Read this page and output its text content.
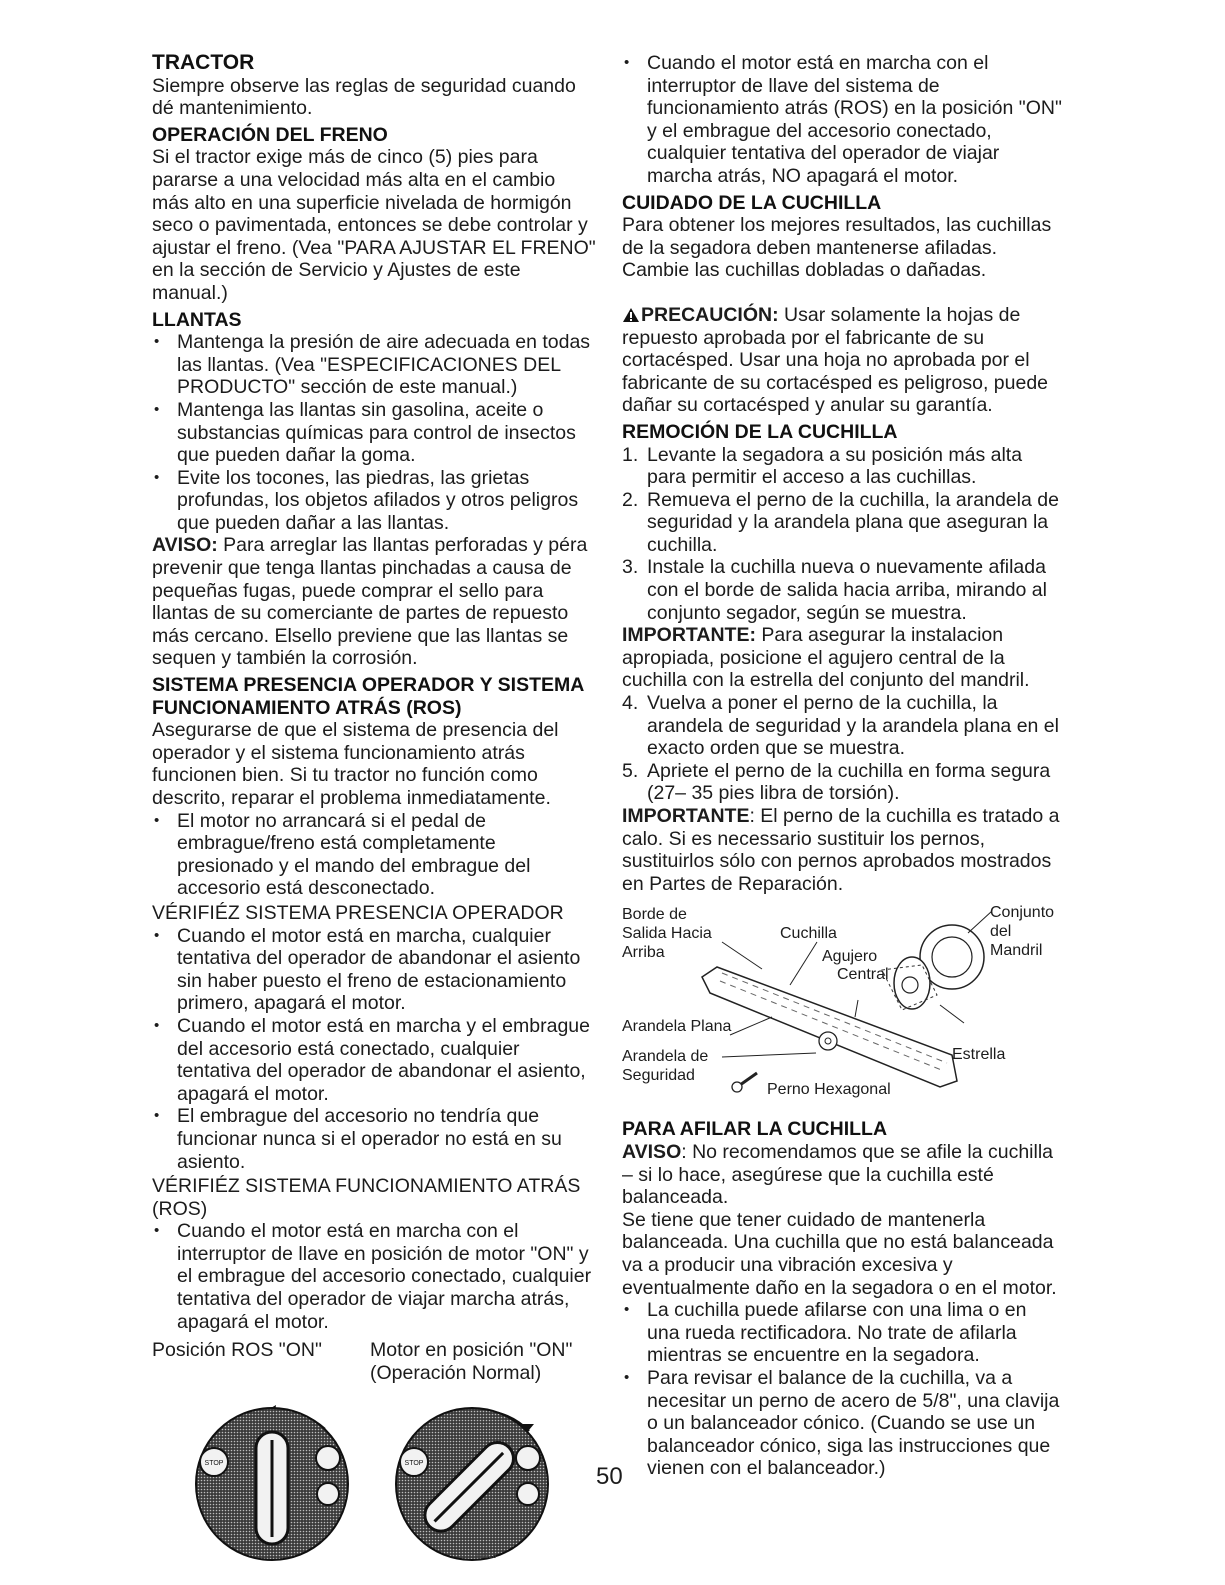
TRACTOR

Siempre observe las reglas de seguridad cuando dé mantenimiento.

OPERACIÓN DEL FRENO

Si el tractor exige más de cinco (5) pies para pararse a una velocidad más alta en el cambio más alto en una superficie nivelada de hormigón seco o pavimentada, entonces se debe controlar y ajustar el freno. (Vea "PARA AJUSTAR EL FRENO" en la sección de Servicio y Ajustes de este manual.)

LLANTAS

• Mantenga la presión de aire adecuada en todas las llantas. (Vea "ESPECIFICACIONES DEL PRODUCTO" sección de este manual.)

• Mantenga las llantas sin gasolina, aceite o substancias químicas para control de insectos que pueden dañar la goma.

• Evite los tocones, las piedras, las grietas profundas, los objetos afilados y otros peligros que pueden dañar a las llantas.

AVISO: Para arreglar las llantas perforadas y péra prevenir que tenga llantas pinchadas a causa de pequeñas fugas, puede comprar el sello para llantas de su comerciante de partes de repuesto más cercano. Elsello previene que las llantas se sequen y también la corrosión.

SISTEMA PRESENCIA OPERADOR Y SISTEMA FUNCIONAMIENTO ATRÁS (ROS)

Asegurarse de que el sistema de presencia del operador y el sistema funcionamiento atrás funcionen bien. Si tu tractor no función como descrito, reparar el problema inmediatamente.

• El motor no arrancará si el pedal de embrague/freno está completamente presionado y el mando del embrague del accesorio está desconectado.

VÉRIFIÉZ SISTEMA PRESENCIA OPERADOR

• Cuando el motor está en marcha, cualquier tentativa del operador de abandonar el asiento sin haber puesto el freno de estacionamiento primero, apagará el motor.

• Cuando el motor está en marcha y el embrague del accesorio está conectado, cualquier tentativa del operador de abandonar el asiento, apagará el motor.

• El embrague del accesorio no tendría que funcionar nunca si el operador no está en su asiento.

VÉRIFIÉZ SISTEMA FUNCIONAMIENTO ATRÁS (ROS)

• Cuando el motor está en marcha con el interruptor de llave en posición de motor "ON" y el embrague del accesorio conectado, cualquier tentativa del operador de viajar marcha atrás, apagará el motor.

Posición ROS "ON"	Motor en posición "ON" (Operación Normal)
STOP	STOP
02828

• Cuando el motor está en marcha con el interruptor de llave del sistema de funcionamiento atrás (ROS) en la posición "ON" y el embrague del accesorio conectado, cualquier tentativa del operador de viajar marcha atrás, NO apagará el motor.

CUIDADO DE LA CUCHILLA

Para obtener los mejores resultados, las cuchillas de la segadora deben mantenerse afiladas. Cambie las cuchillas dobladas o dañadas.

PRECAUCIÓN: Usar solamente la hojas de repuesto aprobada por el fabricante de su cortacésped. Usar una hoja no aprobada por el fabricante de su cortacésped es peligroso, puede dañar su cortacésped y anular su garantía.

REMOCIÓN DE LA CUCHILLA

1. Levante la segadora a su posición más alta para permitir el acceso a las cuchillas.

2. Remueva el perno de la cuchilla, la arandela de seguridad y la arandela plana que aseguran la cuchilla.

3. Instale la cuchilla nueva o nuevamente afilada con el borde de salida hacia arriba, mirando al conjunto segador, según se muestra.

IMPORTANTE: Para asegurar la instalacion apropiada, posicione el agujero central de la cuchilla con la estrella del conjunto del mandril.

4. Vuelva a poner el perno de la cuchilla, la arandela de seguridad y la arandela plana en el exacto orden que se muestra.

5. Apriete el perno de la cuchilla en forma segura (27– 35 pies libra de torsión).

IMPORTANTE: El perno de la cuchilla es tratado a calo. Si es necessario sustituir los pernos, sustituirlos sólo con pernos aprobados mostrados en Partes de Reparación.

Borde de
Salida Hacia
Arriba
Cuchilla
Agujero
Central
Conjunto
del
Mandril
Arandela Plana
Arandela de
Seguridad
Estrella
Perno Hexagonal

PARA AFILAR LA CUCHILLA

AVISO: No recomendamos que se afile la cuchilla – si lo hace, asegúrese que la cuchilla esté balanceada.

Se tiene que tener cuidado de mantenerla balanceada. Una cuchilla que no está balanceada va a producir una vibración excesiva y eventualmente daño en la segadora o en el motor.

• La cuchilla puede afilarse con una lima o en una rueda rectificadora. No trate de afilarla mientras se encuentre en la segadora.

• Para revisar el balance de la cuchilla, va a necesitar un perno de acero de 5/8", una clavija o un balanceador cónico. (Cuando se use un balanceador cónico, siga las instrucciones que vienen con el balanceador.)

50
